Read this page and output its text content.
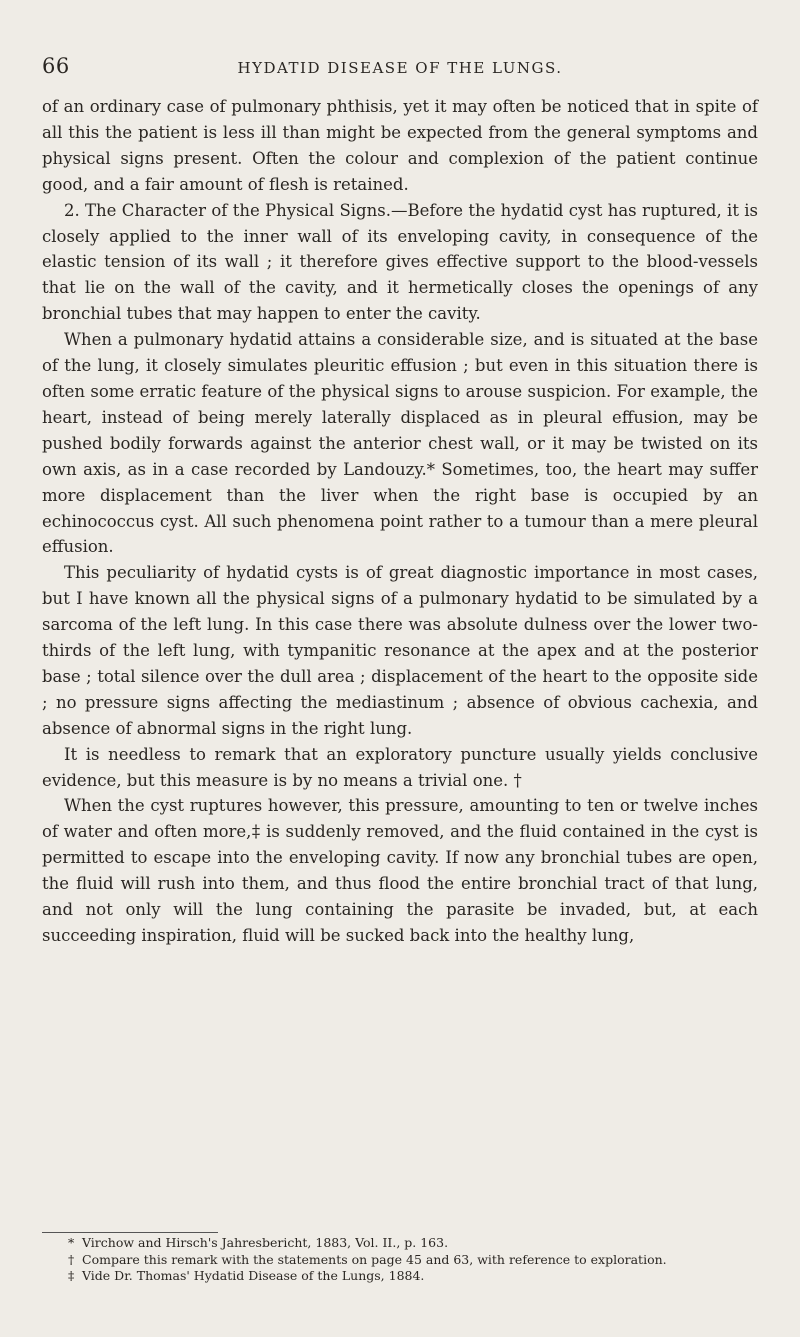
66	HYDATID DISEASE OF THE LUNGS.

of an ordinary case of pulmonary phthisis, yet it may often be noticed that in spite of all this the patient is less ill than might be expected from the general symptoms and physical signs present. Often the colour and complexion of the patient continue good, and a fair amount of flesh is retained.

2. The Character of the Physical Signs.—Before the hydatid cyst has ruptured, it is closely applied to the inner wall of its enveloping cavity, in consequence of the elastic tension of its wall ; it therefore gives effective support to the blood-vessels that lie on the wall of the cavity, and it hermetically closes the openings of any bronchial tubes that may happen to enter the cavity.

When a pulmonary hydatid attains a considerable size, and is situated at the base of the lung, it closely simulates pleuritic effusion ; but even in this situation there is often some erratic feature of the physical signs to arouse suspicion. For example, the heart, instead of being merely laterally displaced as in pleural effusion, may be pushed bodily forwards against the anterior chest wall, or it may be twisted on its own axis, as in a case recorded by Landouzy.* Sometimes, too, the heart may suffer more displacement than the liver when the right base is occupied by an echinococcus cyst. All such phenomena point rather to a tumour than a mere pleural effusion.

This peculiarity of hydatid cysts is of great diagnostic importance in most cases, but I have known all the physical signs of a pulmonary hydatid to be simulated by a sarcoma of the left lung. In this case there was absolute dulness over the lower two-thirds of the left lung, with tympanitic resonance at the apex and at the posterior base ; total silence over the dull area ; displacement of the heart to the opposite side ; no pressure signs affecting the mediastinum ; absence of obvious cachexia, and absence of abnormal signs in the right lung.

It is needless to remark that an exploratory puncture usually yields conclusive evidence, but this measure is by no means a trivial one. †

When the cyst ruptures however, this pressure, amounting to ten or twelve inches of water and often more,‡ is suddenly removed, and the fluid contained in the cyst is permitted to escape into the enveloping cavity. If now any bronchial tubes are open, the fluid will rush into them, and thus flood the entire bronchial tract of that lung, and not only will the lung containing the parasite be invaded, but, at each succeeding inspiration, fluid will be sucked back into the healthy lung,

* Virchow and Hirsch's Jahresbericht, 1883, Vol. II., p. 163.
† Compare this remark with the statements on page 45 and 63, with reference to exploration.
‡ Vide Dr. Thomas' Hydatid Disease of the Lungs, 1884.
